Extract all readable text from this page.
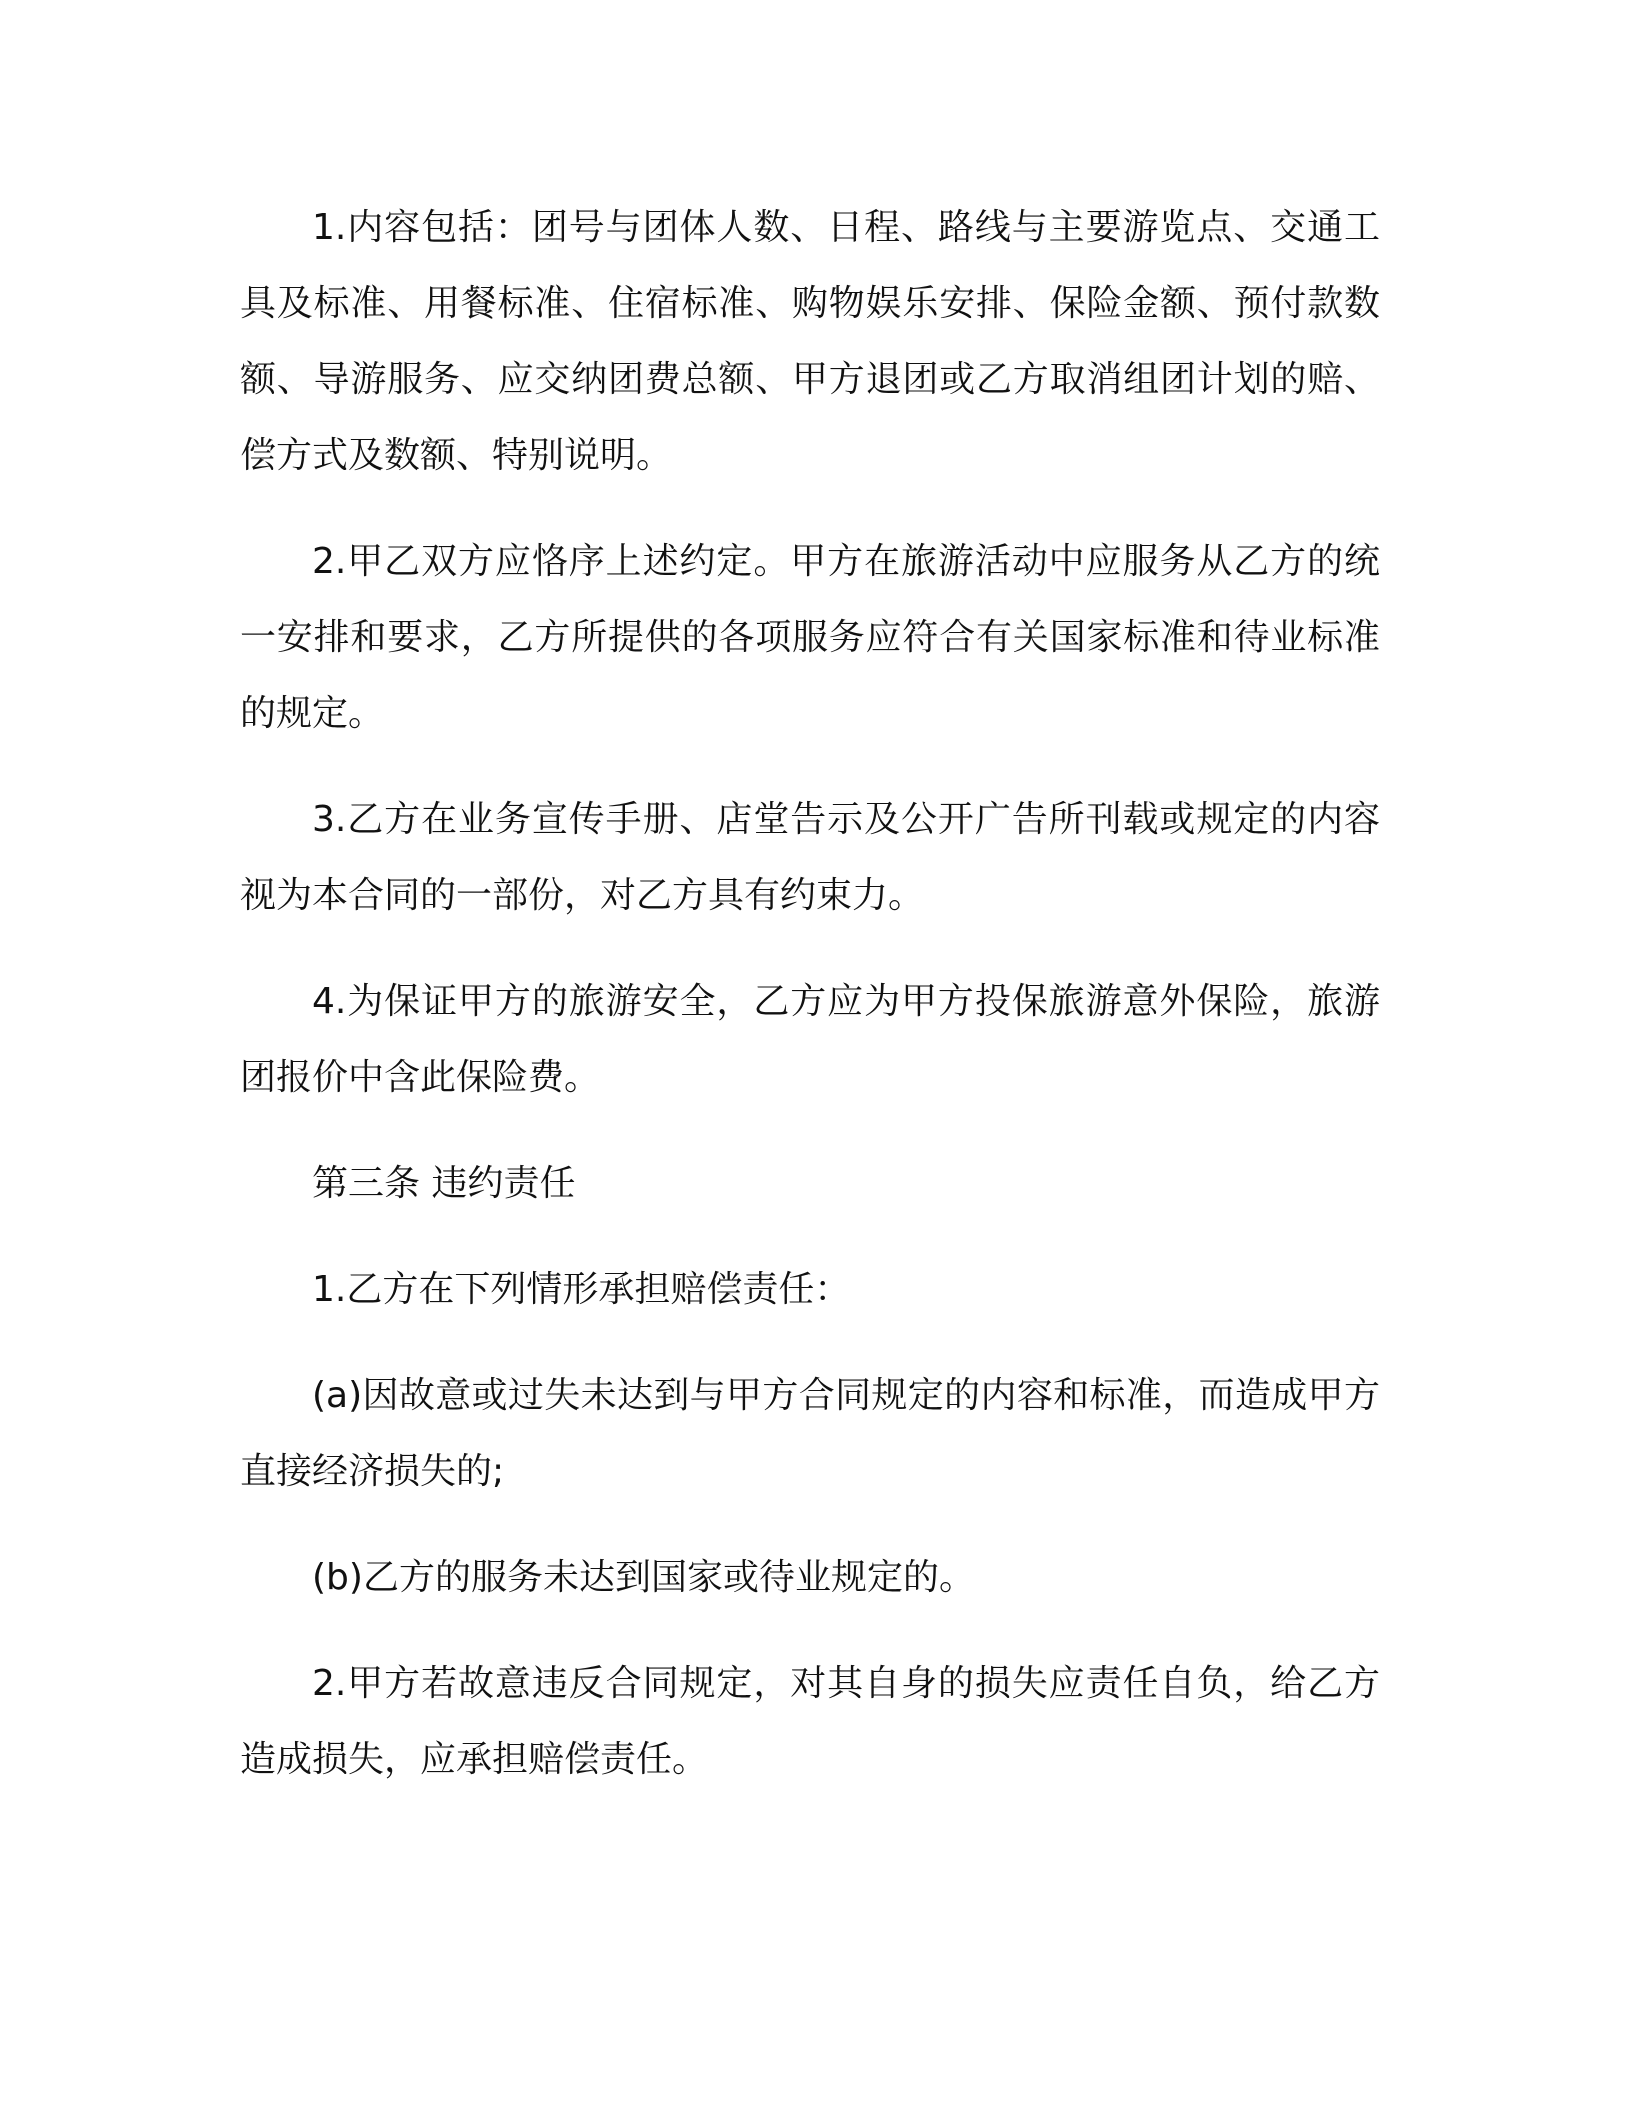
1.内容包括：团号与团体人数、日程、路线与主要游览点、交通工具及标准、用餐标准、住宿标准、购物娱乐安排、保险金额、预付款数额、导游服务、应交纳团费总额、甲方退团或乙方取消组团计划的赔、偿方式及数额、特别说明。

2.甲乙双方应恪序上述约定。甲方在旅游活动中应服务从乙方的统一安排和要求，乙方所提供的各项服务应符合有关国家标准和待业标准的规定。

3.乙方在业务宣传手册、店堂告示及公开广告所刊载或规定的内容视为本合同的一部份，对乙方具有约束力。

4.为保证甲方的旅游安全，乙方应为甲方投保旅游意外保险，旅游团报价中含此保险费。

第三条 违约责任

1.乙方在下列情形承担赔偿责任：

(a)因故意或过失未达到与甲方合同规定的内容和标准，而造成甲方直接经济损失的;

(b)乙方的服务未达到国家或待业规定的。

2.甲方若故意违反合同规定，对其自身的损失应责任自负，给乙方造成损失，应承担赔偿责任。
